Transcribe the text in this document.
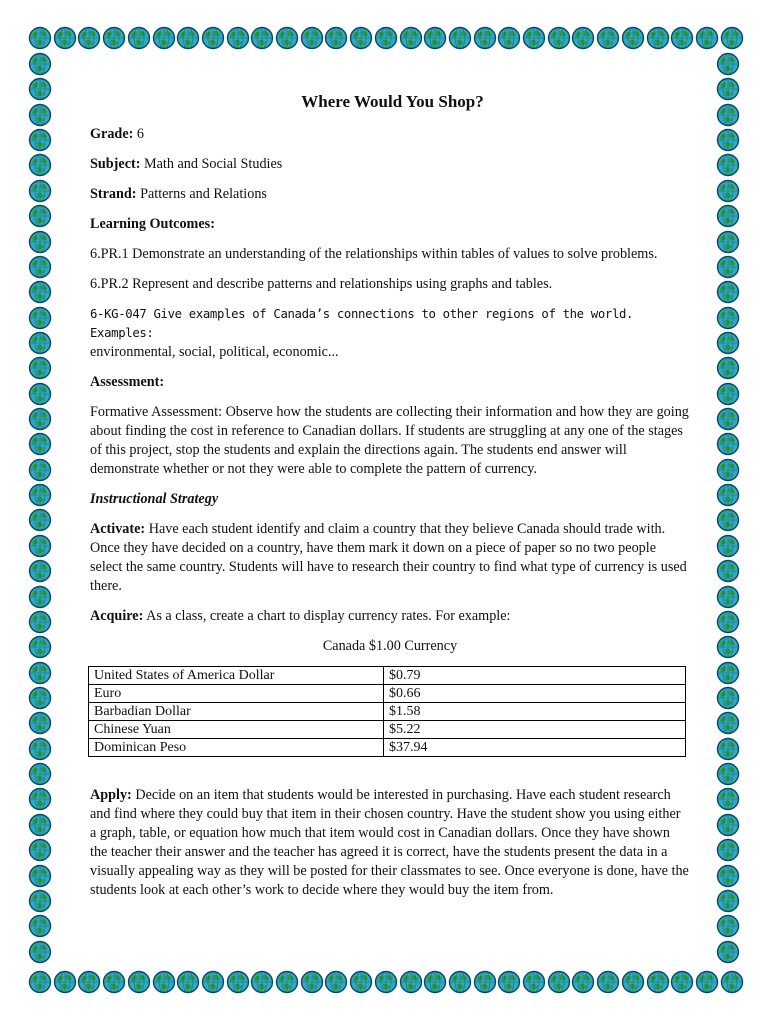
Where Would You Shop?

Grade: 6

Subject: Math and Social Studies

Strand: Patterns and Relations

Learning Outcomes:

6.PR.1 Demonstrate an understanding of the relationships within tables of values to solve problems.

6.PR.2 Represent and describe patterns and relationships using graphs and tables.

6-KG-047 Give examples of Canada’s connections to other regions of the world. Examples:
environmental, social, political, economic...

Assessment:

Formative Assessment: Observe how the students are collecting their information and how they are going about finding the cost in reference to Canadian dollars. If students are struggling at any one of the stages of this project, stop the students and explain the directions again. The students end answer will demonstrate whether or not they were able to complete the pattern of currency.

Instructional Strategy

Activate: Have each student identify and claim a country that they believe Canada should trade with. Once they have decided on a country, have them mark it down on a piece of paper so no two people select the same country. Students will have to research their country to find what type of currency is used there.

Acquire: As a class, create a chart to display currency rates. For example:

Canada $1.00 Currency
United States of America Dollar	$0.79
Euro	$0.66
Barbadian Dollar	$1.58
Chinese Yuan	$5.22
Dominican Peso	$37.94

Apply: Decide on an item that students would be interested in purchasing. Have each student research and find where they could buy that item in their chosen country. Have the student show you using either a graph, table, or equation how much that item would cost in Canadian dollars. Once they have shown the teacher their answer and the teacher has agreed it is correct, have the students present the data in a visually appealing way as they will be posted for their classmates to see. Once everyone is done, have the students look at each other’s work to decide where they would buy the item from.
